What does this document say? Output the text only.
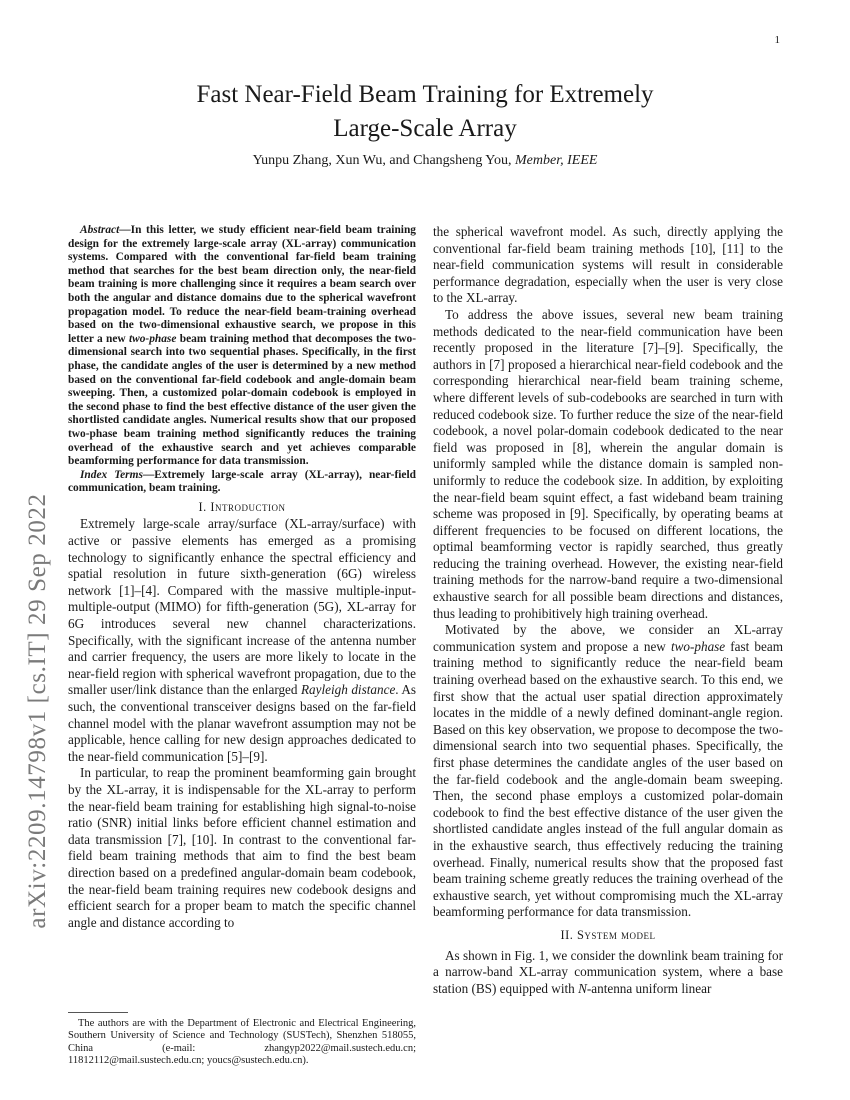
1
arXiv:2209.14798v1 [cs.IT] 29 Sep 2022
Fast Near-Field Beam Training for Extremely
Large-Scale Array
Yunpu Zhang, Xun Wu, and Changsheng You, Member, IEEE

Abstract—In this letter, we study efficient near-field beam training design for the extremely large-scale array (XL-array) communication systems. Compared with the conventional far-field beam training method that searches for the best beam direction only, the near-field beam training is more challenging since it requires a beam search over both the angular and distance domains due to the spherical wavefront propagation model. To reduce the near-field beam-training overhead based on the two-dimensional exhaustive search, we propose in this letter a new two-phase beam training method that decomposes the two-dimensional search into two sequential phases. Specifically, in the first phase, the candidate angles of the user is determined by a new method based on the conventional far-field codebook and angle-domain beam sweeping. Then, a customized polar-domain codebook is employed in the second phase to find the best effective distance of the user given the shortlisted candidate angles. Numerical results show that our proposed two-phase beam training method significantly reduces the training overhead of the exhaustive search and yet achieves comparable beamforming performance for data transmission.

Index Terms—Extremely large-scale array (XL-array), near-field communication, beam training.

I. Introduction

Extremely large-scale array/surface (XL-array/surface) with active or passive elements has emerged as a promising technology to significantly enhance the spectral efficiency and spatial resolution in future sixth-generation (6G) wireless network [1]–[4]. Compared with the massive multiple-input-multiple-output (MIMO) for fifth-generation (5G), XL-array for 6G introduces several new channel characterizations. Specifically, with the significant increase of the antenna number and carrier frequency, the users are more likely to locate in the near-field region with spherical wavefront propagation, due to the smaller user/link distance than the enlarged Rayleigh distance. As such, the conventional transceiver designs based on the far-field channel model with the planar wavefront assumption may not be applicable, hence calling for new design approaches dedicated to the near-field communication [5]–[9].

In particular, to reap the prominent beamforming gain brought by the XL-array, it is indispensable for the XL-array to perform the near-field beam training for establishing high signal-to-noise ratio (SNR) initial links before efficient channel estimation and data transmission [7], [10]. In contrast to the conventional far-field beam training methods that aim to find the best beam direction based on a predefined angular-domain beam codebook, the near-field beam training requires new codebook designs and efficient search for a proper beam to match the specific channel angle and distance according to

The authors are with the Department of Electronic and Electrical Engineering, Southern University of Science and Technology (SUSTech), Shenzhen 518055, China (e-mail: zhangyp2022@mail.sustech.edu.cn; 11812112@mail.sustech.edu.cn; youcs@sustech.edu.cn).

the spherical wavefront model. As such, directly applying the conventional far-field beam training methods [10], [11] to the near-field communication systems will result in considerable performance degradation, especially when the user is very close to the XL-array.

To address the above issues, several new beam training methods dedicated to the near-field communication have been recently proposed in the literature [7]–[9]. Specifically, the authors in [7] proposed a hierarchical near-field codebook and the corresponding hierarchical near-field beam training scheme, where different levels of sub-codebooks are searched in turn with reduced codebook size. To further reduce the size of the near-field codebook, a novel polar-domain codebook dedicated to the near field was proposed in [8], wherein the angular domain is uniformly sampled while the distance domain is sampled non-uniformly to reduce the codebook size. In addition, by exploiting the near-field beam squint effect, a fast wideband beam training scheme was proposed in [9]. Specifically, by operating beams at different frequencies to be focused on different locations, the optimal beamforming vector is rapidly searched, thus greatly reducing the training overhead. However, the existing near-field training methods for the narrow-band require a two-dimensional exhaustive search for all possible beam directions and distances, thus leading to prohibitively high training overhead.

Motivated by the above, we consider an XL-array communication system and propose a new two-phase fast beam training method to significantly reduce the near-field beam training overhead based on the exhaustive search. To this end, we first show that the actual user spatial direction approximately locates in the middle of a newly defined dominant-angle region. Based on this key observation, we propose to decompose the two-dimensional search into two sequential phases. Specifically, the first phase determines the candidate angles of the user based on the far-field codebook and the angle-domain beam sweeping. Then, the second phase employs a customized polar-domain codebook to find the best effective distance of the user given the shortlisted candidate angles instead of the full angular domain as in the exhaustive search, thus effectively reducing the training overhead. Finally, numerical results show that the proposed fast beam training scheme greatly reduces the training overhead of the exhaustive search, yet without compromising much the XL-array beamforming performance for data transmission.

II. System model

As shown in Fig. 1, we consider the downlink beam training for a narrow-band XL-array communication system, where a base station (BS) equipped with N-antenna uniform linear
